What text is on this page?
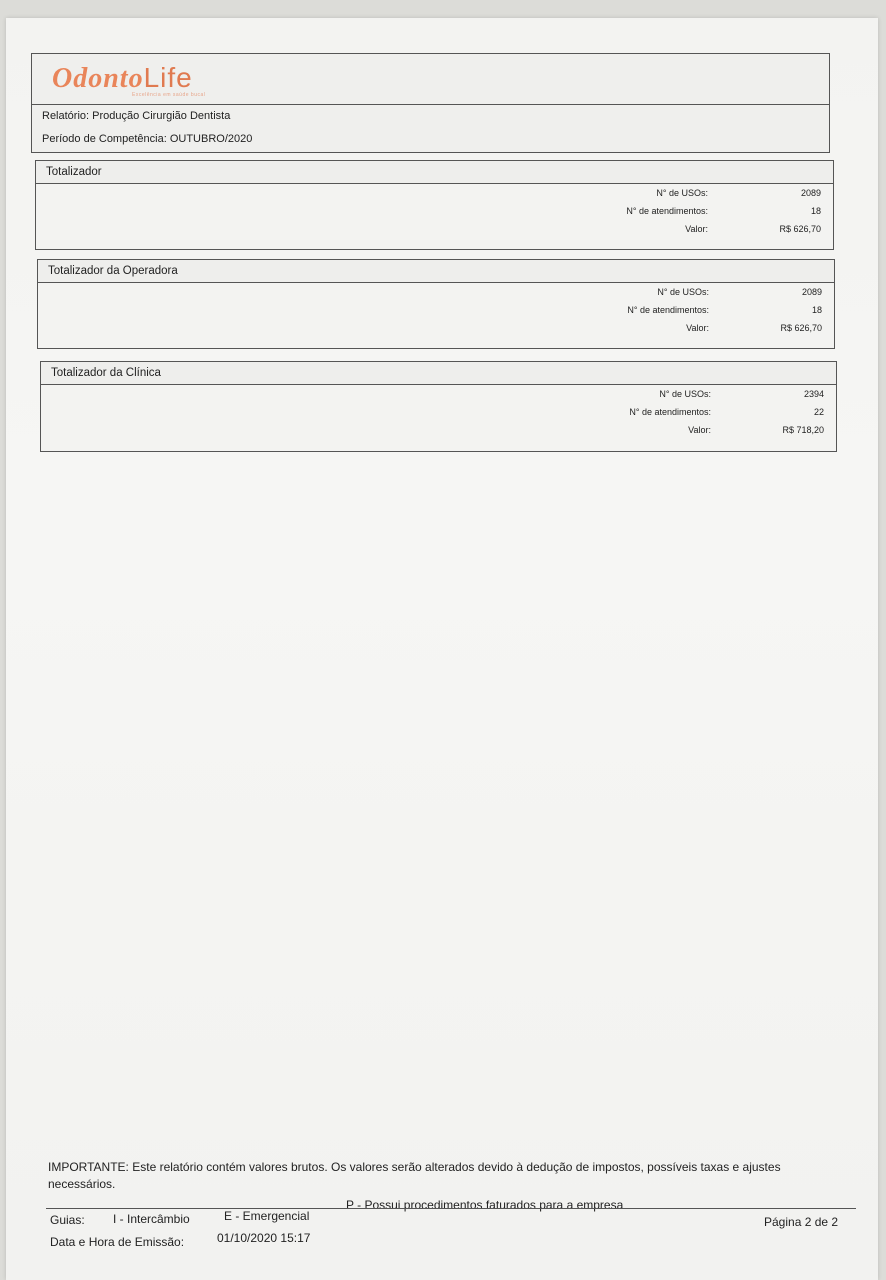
OdontoLife
Excelência em saúde bucal
Relatório: Produção Cirurgião Dentista
Período de Competência: OUTUBRO/2020
Totalizador
N° de USOs:	2089
N° de atendimentos:	18
Valor:	R$ 626,70
Totalizador da Operadora
N° de USOs:	2089
N° de atendimentos:	18
Valor:	R$ 626,70
Totalizador da Clínica
N° de USOs:	2394
N° de atendimentos:	22
Valor:	R$ 718,20
IMPORTANTE: Este relatório contém valores brutos. Os valores serão alterados devido à dedução de impostos, possíveis taxas e ajustes
necessários.
P - Possui procedimentos faturados para a empresa
Guias: I - Intercâmbio	E - Emergencial	Página 2 de 2
Data e Hora de Emissão:	01/10/2020 15:17
